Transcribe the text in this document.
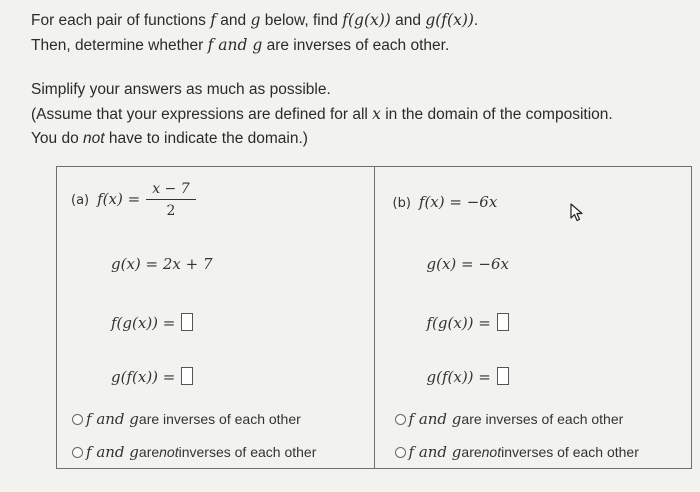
For each pair of functions f and g below, find f(g(x)) and g(f(x)).

Then, determine whether f and g are inverses of each other.

Simplify your answers as much as possible.

(Assume that your expressions are defined for all x in the domain of the composition.

You do not have to indicate the domain.)

(a) $f(x) = \frac{x - 7}{2}$
g(x) = 2x + 7
f(g(x)) =
g(f(x)) =
f and g are inverses of each other
f and g are not inverses of each other
(b) f(x) = −6x
g(x) = −6x
f(g(x)) =
g(f(x)) =
f and g are inverses of each other
f and g are not inverses of each other
